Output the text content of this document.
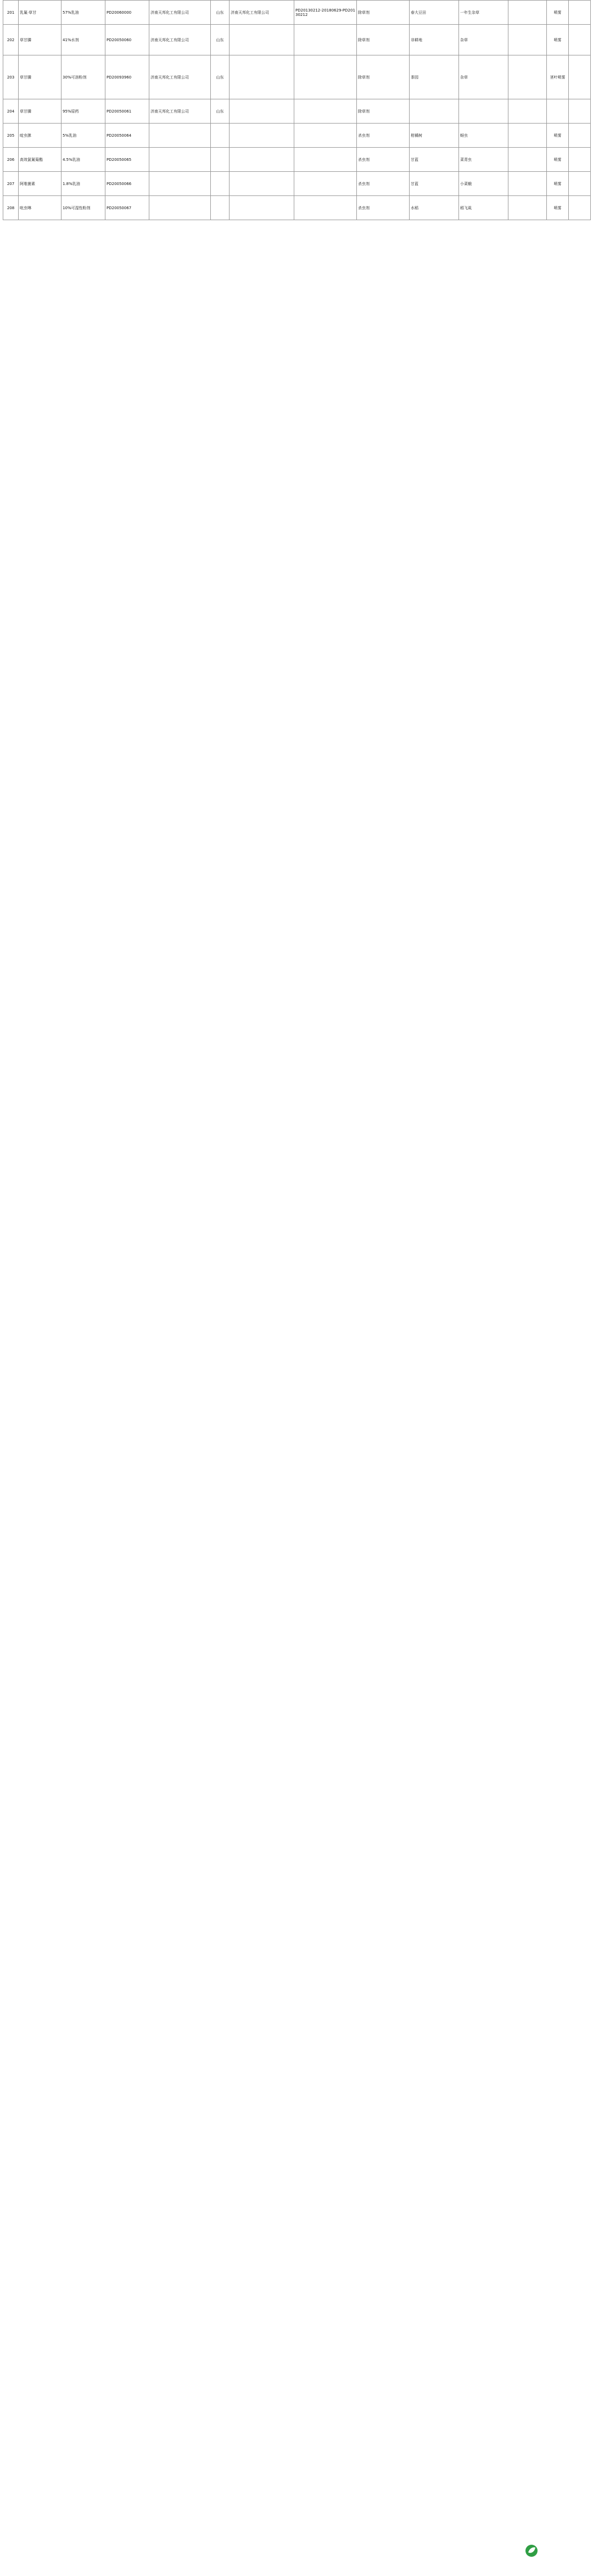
201	乳氟·草甘	57%乳油	PD20060000	济南天邦化工有限公司	山东	济南天邦化工有限公司	PD20130212-20180629-PD20130212	除草剂	春大豆田	一年生杂草		喷雾	
202	草甘膦	41%水剂	PD20050060	济南天邦化工有限公司	山东			除草剂	非耕地	杂草		喷雾	
203	草甘膦	30%可溶粉剂	PD20093960	济南天邦化工有限公司	山东			除草剂	茶园	杂草		茎叶喷雾	
204	草甘膦	95%原药	PD20050061	济南天邦化工有限公司	山东			除草剂					
205	啶虫脒	5%乳油	PD20050064					杀虫剂	柑橘树	蚜虫		喷雾	
206	高效氯氰菊酯	4.5%乳油	PD20050065					杀虫剂	甘蓝	菜青虫		喷雾	
207	阿维菌素	1.8%乳油	PD20050066					杀虫剂	甘蓝	小菜蛾		喷雾	
208	吡虫啉	10%可湿性粉剂	PD20050067					杀虫剂	水稻	稻飞虱		喷雾	
